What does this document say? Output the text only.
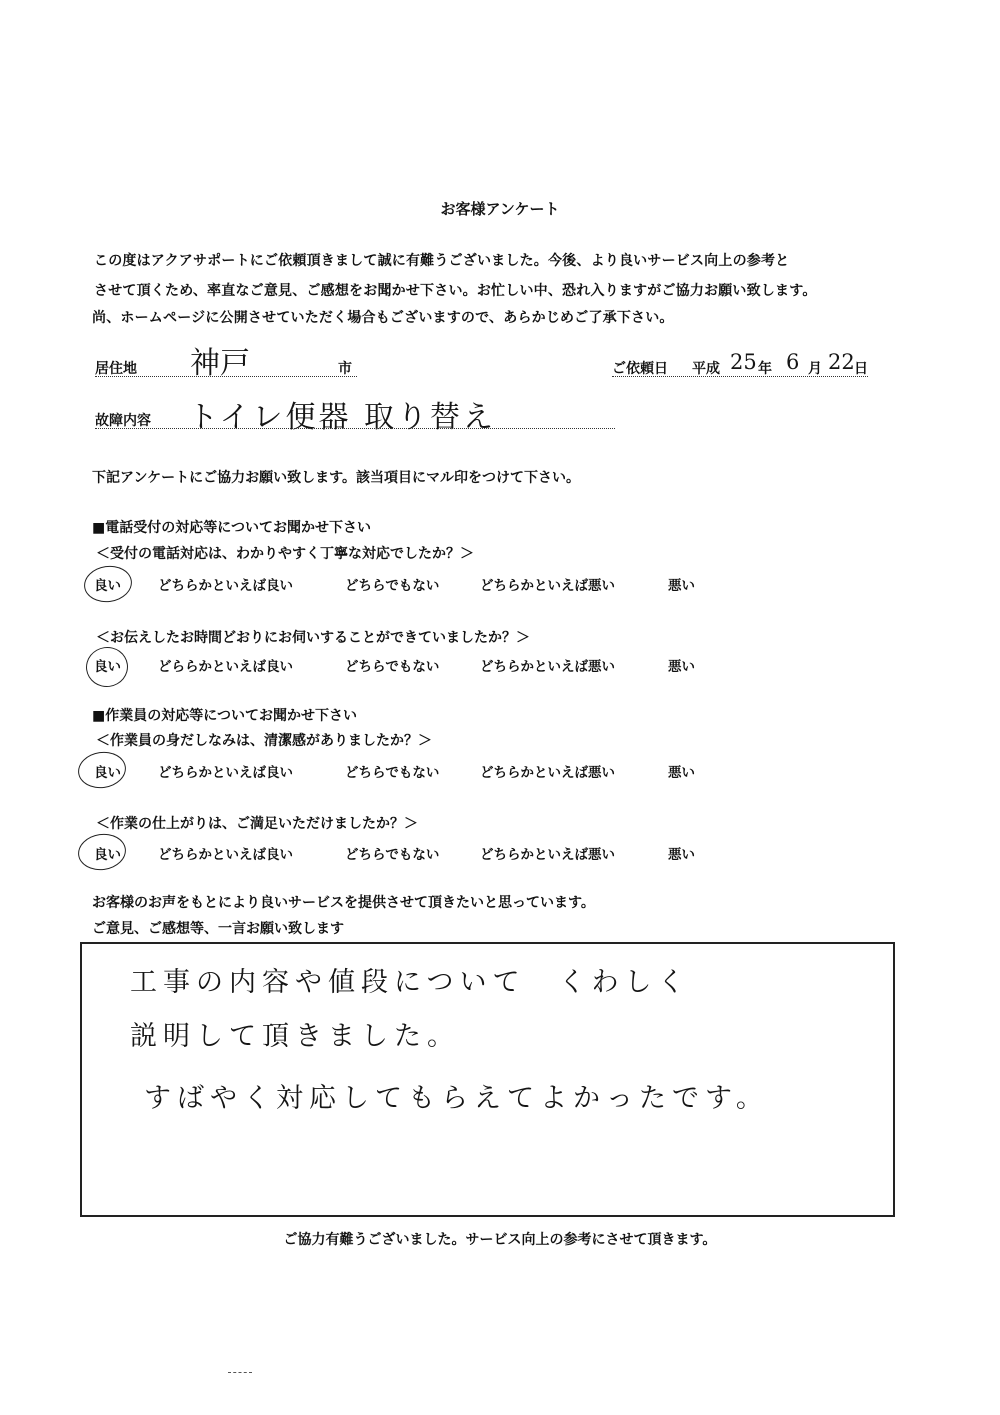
お客様アンケート
この度はアクアサポートにご依頼頂きまして誠に有難うございました。今後、より良いサービス向上の参考と
させて頂くため、率直なご意見、ご感想をお聞かせ下さい。お忙しい中、恐れ入りますがご協力お願い致します。
尚、ホームページに公開させていただく場合もございますので、あらかじめご了承下さい。
居住地 神戸	市	ご依頼日 平成 25 年 6 月 22 日
故障内容 トイレ便器 取り替え
下記アンケートにご協力お願い致します。該当項目にマル印をつけて下さい。
■電話受付の対応等についてお聞かせ下さい
＜受付の電話対応は、わかりやすく丁寧な対応でしたか？＞
良い	どちらかといえば良い	どちらでもない	どちらかといえば悪い	悪い
＜お伝えしたお時間どおりにお伺いすることができていましたか？＞
良い	どららかといえば良い	どちらでもない	どちらかといえば悪い	悪い
■作業員の対応等についてお聞かせ下さい
＜作業員の身だしなみは、清潔感がありましたか？＞
良い	どちらかといえば良い	どちらでもない	どちらかといえば悪い	悪い
＜作業の仕上がりは、ご満足いただけましたか？＞
良い	どちらかといえば良い	どちらでもない	どちらかといえば悪い	悪い
お客様のお声をもとにより良いサービスを提供させて頂きたいと思っています。
ご意見、ご感想等、一言お願い致します
工事の内容や値段について　くわしく
説明して頂きました。
すばやく対応してもらえてよかったです。
ご協力有難うございました。サービス向上の参考にさせて頂きます。
